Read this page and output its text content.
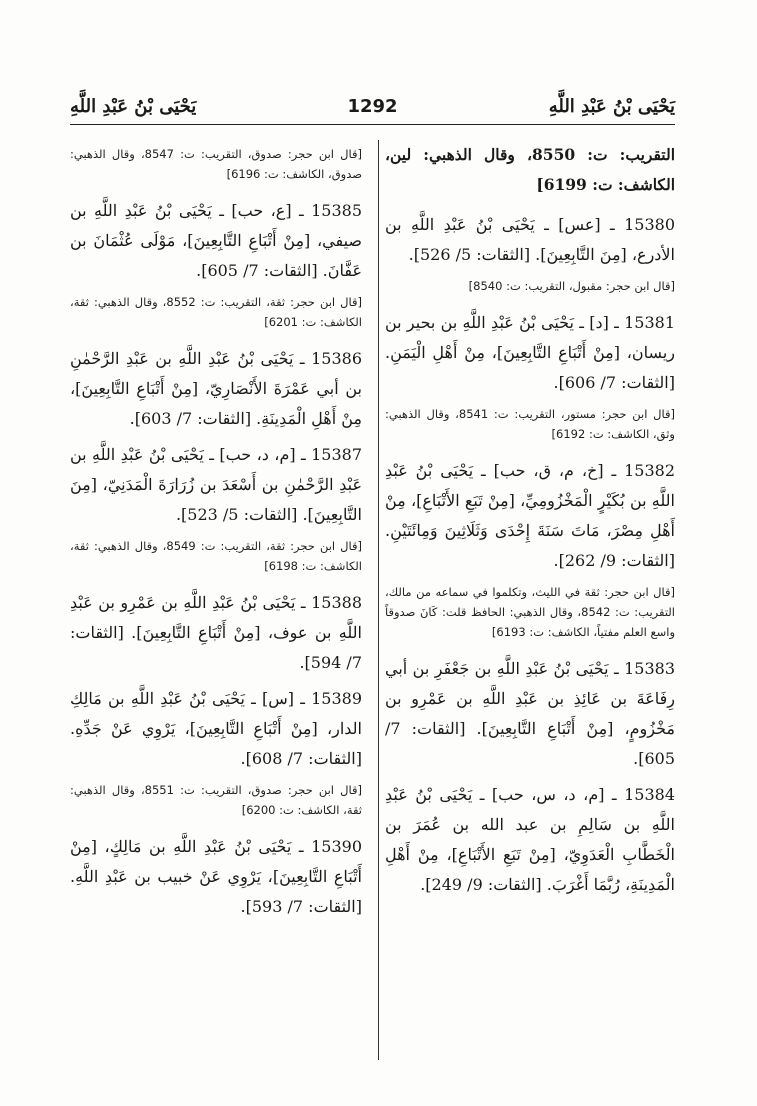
يَحْيَى بْنُ عَبْدِ اللَّهِ
1292
يَحْيَى بْنُ عَبْدِ اللَّهِ
التقريب: ت: 8550، وقال الذهبي: لين، الكاشف: ت: 6199]
15380 ـ [عس] ـ يَحْيَى بْنُ عَبْدِ اللَّهِ بن الأدرع، [مِنَ التَّابِعِينَ]. [الثقات: 5/ 526].
[قال ابن حجر: مقبول، التقريب: ت: 8540]
15381 ـ [د] ـ يَحْيَى بْنُ عَبْدِ اللَّهِ بن بحير بن ريسان، [مِنْ أَتْبَاعِ التَّابِعِينَ]، مِنْ أَهْلِ الْيَمَنِ. [الثقات: 7/ 606].
[قال ابن حجر: مستور، التقريب: ت: 8541، وقال الذهبي: وثق، الكاشف: ت: 6192]
15382 ـ [خ، م، ق، حب] ـ يَحْيَى بْنُ عَبْدِ اللَّهِ بن بُكَيْرٍ الْمَخْزُومِيِّ، [مِنْ تَبَعِ الأَتْبَاعِ]، مِنْ أَهْلِ مِصْرَ، مَاتَ سَنَةَ إِحْدَى وَثَلَاثِينَ وَمِائَتَيْنِ. [الثقات: 9/ 262].
[قال ابن حجر: ثقة في الليث، وتكلموا في سماعه من مالك، التقريب: ت: 8542، وقال الذهبي: الحافظ قلت: كَانَ صدوقاً واسع العلم مفتياً، الكاشف: ت: 6193]
15383 ـ يَحْيَى بْنُ عَبْدِ اللَّهِ بن جَعْفَرِ بن أبي رِفَاعَةَ بن عَائِذِ بن عَبْدِ اللَّهِ بن عَمْرِو بن مَخْزُومٍ، [مِنْ أَتْبَاعِ التَّابِعِينَ]. [الثقات: 7/ 605].
15384 ـ [م، د، س، حب] ـ يَحْيَى بْنُ عَبْدِ اللَّهِ بن سَالِمِ بن عبد الله بن عُمَرَ بن الْخَطَّابِ الْعَدَوِيّ، [مِنْ تَبَعِ الأَتْبَاعِ]، مِنْ أَهْلِ الْمَدِينَةِ، رُبَّمَا أَغْرَبَ. [الثقات: 9/ 249].
[قال ابن حجر: صدوق، التقريب: ت: 8547، وقال الذهبي: صدوق، الكاشف: ت: 6196]
15385 ـ [ع، حب] ـ يَحْيَى بْنُ عَبْدِ اللَّهِ بن صيفي، [مِنْ أَتْبَاعِ التَّابِعِينَ]، مَوْلَى عُثْمَانَ بن عَفَّانَ. [الثقات: 7/ 605].
[قال ابن حجر: ثقة، التقريب: ت: 8552، وقال الذهبي: ثقة، الكاشف: ت: 6201]
15386 ـ يَحْيَى بْنُ عَبْدِ اللَّهِ بن عَبْدِ الرَّحْمٰنِ بن أبي عَمْرَةَ الأَنْصَارِيّ، [مِنْ أَتْبَاعِ التَّابِعِينَ]، مِنْ أَهْلِ الْمَدِينَةِ. [الثقات: 7/ 603].
15387 ـ [م، د، حب] ـ يَحْيَى بْنُ عَبْدِ اللَّهِ بن عَبْدِ الرَّحْمٰنِ بن أَسْعَدَ بن زُرَارَةَ الْمَدَنِيّ، [مِنَ التَّابِعِينَ]. [الثقات: 5/ 523].
[قال ابن حجر: ثقة، التقريب: ت: 8549، وقال الذهبي: ثقة، الكاشف: ت: 6198]
15388 ـ يَحْيَى بْنُ عَبْدِ اللَّهِ بن عَمْرِو بن عَبْدِ اللَّهِ بن عوف، [مِنْ أَتْبَاعِ التَّابِعِينَ]. [الثقات: 7/ 594].
15389 ـ [س] ـ يَحْيَى بْنُ عَبْدِ اللَّهِ بن مَالِكِ الدار، [مِنْ أَتْبَاعِ التَّابِعِينَ]، يَرْوِي عَنْ جَدِّهِ. [الثقات: 7/ 608].
[قال ابن حجر: صدوق، التقريب: ت: 8551، وقال الذهبي: ثقة، الكاشف: ت: 6200]
15390 ـ يَحْيَى بْنُ عَبْدِ اللَّهِ بن مَالِكٍ، [مِنْ أَتْبَاعِ التَّابِعِينَ]، يَرْوِي عَنْ خبيب بن عَبْدِ اللَّهِ. [الثقات: 7/ 593].
